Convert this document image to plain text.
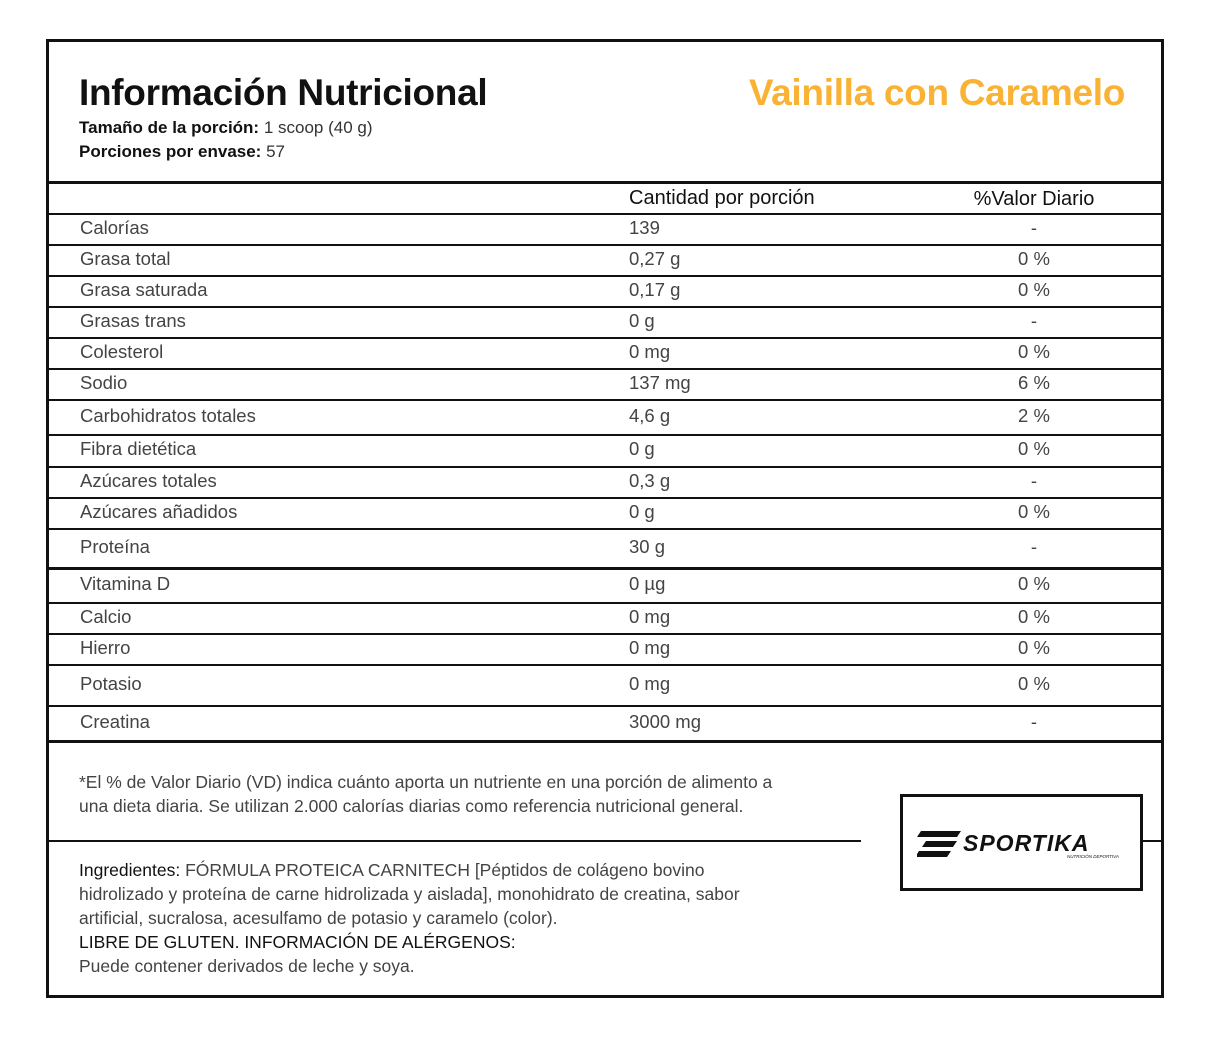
Información Nutricional	Vainilla con Caramelo
Tamaño de la porción: 1 scoop (40 g)
Porciones por envase: 57
Cantidad por porción	%Valor Diario
Calorías	139	-
Grasa total	0,27 g	0 %
Grasa saturada	0,17 g	0 %
Grasas trans	0 g	-
Colesterol	0 mg	0 %
Sodio	137 mg	6 %
Carbohidratos totales	4,6 g	2 %
Fibra dietética	0 g	0 %
Azúcares totales	0,3 g	-
Azúcares añadidos	0 g	0 %
Proteína	30 g	-
Vitamina D	0 µg	0 %
Calcio	0 mg	0 %
Hierro	0 mg	0 %
Potasio	0 mg	0 %
Creatina	3000 mg	-

*El % de Valor Diario (VD) indica cuánto aporta un nutriente en una porción de alimento a
una dieta diaria. Se utilizan 2.000 calorías diarias como referencia nutricional general.

Ingredientes: FÓRMULA PROTEICA CARNITECH [Péptidos de colágeno bovino
hidrolizado y proteína de carne hidrolizada y aislada], monohidrato de creatina, sabor
artificial, sucralosa, acesulfamo de potasio y caramelo (color).
LIBRE DE GLUTEN. INFORMACIÓN DE ALÉRGENOS:
Puede contener derivados de leche y soya.

SPORTIKA
NUTRICIÓN DEPORTIVA
